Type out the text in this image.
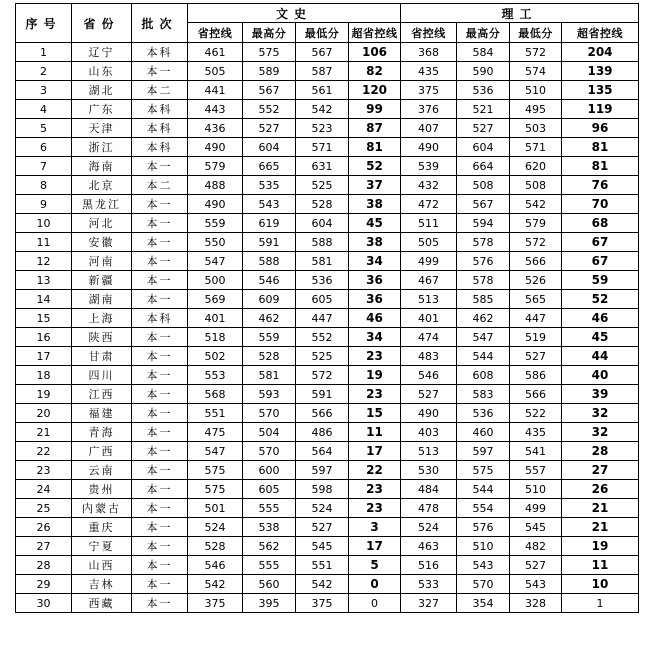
序号	省份	批次	文史				理工			
			省控线	最高分	最低分	超省控线	省控线	最高分	最低分	超省控线
1	辽宁	本科	461	575	567	106	368	584	572	204
2	山东	本一	505	589	587	82	435	590	574	139
3	湖北	本二	441	567	561	120	375	536	510	135
4	广东	本科	443	552	542	99	376	521	495	119
5	天津	本科	436	527	523	87	407	527	503	96
6	浙江	本科	490	604	571	81	490	604	571	81
7	海南	本一	579	665	631	52	539	664	620	81
8	北京	本二	488	535	525	37	432	508	508	76
9	黑龙江	本一	490	543	528	38	472	567	542	70
10	河北	本一	559	619	604	45	511	594	579	68
11	安徽	本一	550	591	588	38	505	578	572	67
12	河南	本一	547	588	581	34	499	576	566	67
13	新疆	本一	500	546	536	36	467	578	526	59
14	湖南	本一	569	609	605	36	513	585	565	52
15	上海	本科	401	462	447	46	401	462	447	46
16	陕西	本一	518	559	552	34	474	547	519	45
17	甘肃	本一	502	528	525	23	483	544	527	44
18	四川	本一	553	581	572	19	546	608	586	40
19	江西	本一	568	593	591	23	527	583	566	39
20	福建	本一	551	570	566	15	490	536	522	32
21	青海	本一	475	504	486	11	403	460	435	32
22	广西	本一	547	570	564	17	513	597	541	28
23	云南	本一	575	600	597	22	530	575	557	27
24	贵州	本一	575	605	598	23	484	544	510	26
25	内蒙古	本一	501	555	524	23	478	554	499	21
26	重庆	本一	524	538	527	3	524	576	545	21
27	宁夏	本一	528	562	545	17	463	510	482	19
28	山西	本一	546	555	551	5	516	543	527	11
29	吉林	本一	542	560	542	0	533	570	543	10
30	西藏	本一	375	395	375	0	327	354	328	1
